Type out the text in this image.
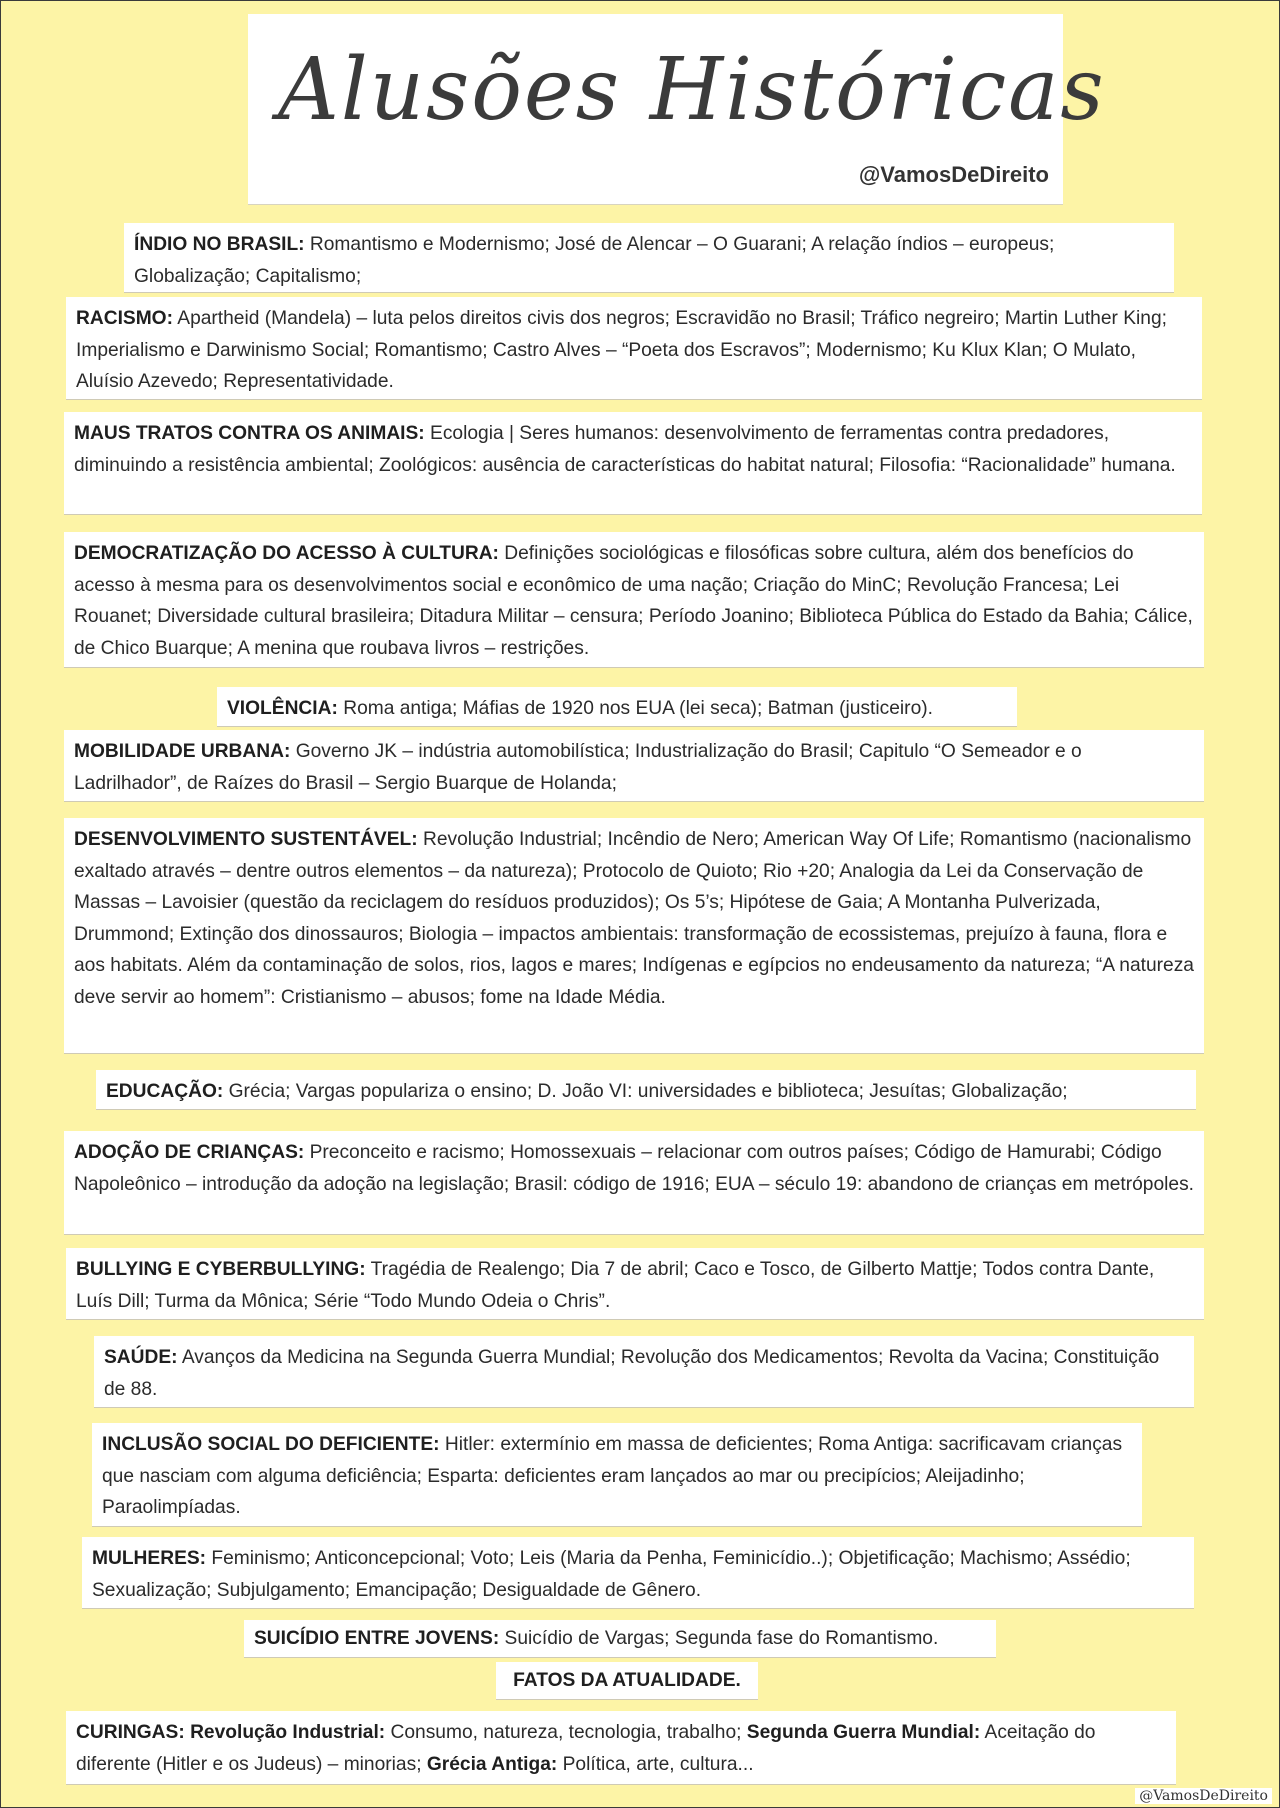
Alusões Históricas
@VamosDeDireito
ÍNDIO NO BRASIL: Romantismo e Modernismo; José de Alencar – O Guarani; A relação índios – europeus; Globalização; Capitalismo;
RACISMO: Apartheid (Mandela) – luta pelos direitos civis dos negros; Escravidão no Brasil; Tráfico negreiro; Martin Luther King; Imperialismo e Darwinismo Social; Romantismo; Castro Alves – “Poeta dos Escravos”; Modernismo; Ku Klux Klan; O Mulato, Aluísio Azevedo; Representatividade.
MAUS TRATOS CONTRA OS ANIMAIS: Ecologia | Seres humanos: desenvolvimento de ferramentas contra predadores, diminuindo a resistência ambiental; Zoológicos: ausência de características do habitat natural; Filosofia: “Racionalidade” humana.
DEMOCRATIZAÇÃO DO ACESSO À CULTURA: Definições sociológicas e filosóficas sobre cultura, além dos benefícios do acesso à mesma para os desenvolvimentos social e econômico de uma nação; Criação do MinC; Revolução Francesa; Lei Rouanet; Diversidade cultural brasileira; Ditadura Militar – censura; Período Joanino; Biblioteca Pública do Estado da Bahia; Cálice, de Chico Buarque; A menina que roubava livros – restrições.
VIOLÊNCIA: Roma antiga; Máfias de 1920 nos EUA (lei seca); Batman (justiceiro).
MOBILIDADE URBANA: Governo JK – indústria automobilística; Industrialização do Brasil; Capitulo “O Semeador e o Ladrilhador”, de Raízes do Brasil – Sergio Buarque de Holanda;
DESENVOLVIMENTO SUSTENTÁVEL: Revolução Industrial; Incêndio de Nero; American Way Of Life; Romantismo (nacionalismo exaltado através – dentre outros elementos – da natureza); Protocolo de Quioto; Rio +20; Analogia da Lei da Conservação de Massas – Lavoisier (questão da reciclagem do resíduos produzidos); Os 5’s; Hipótese de Gaia; A Montanha Pulverizada, Drummond; Extinção dos dinossauros; Biologia – impactos ambientais: transformação de ecossistemas, prejuízo à fauna, flora e aos habitats. Além da contaminação de solos, rios, lagos e mares; Indígenas e egípcios no endeusamento da natureza; “A natureza deve servir ao homem”: Cristianismo – abusos; fome na Idade Média.
EDUCAÇÃO: Grécia; Vargas populariza o ensino; D. João VI: universidades e biblioteca; Jesuítas; Globalização;
ADOÇÃO DE CRIANÇAS: Preconceito e racismo; Homossexuais – relacionar com outros países; Código de Hamurabi; Código Napoleônico – introdução da adoção na legislação; Brasil: código de 1916; EUA – século 19: abandono de crianças em metrópoles.
BULLYING E CYBERBULLYING: Tragédia de Realengo; Dia 7 de abril; Caco e Tosco, de Gilberto Mattje; Todos contra Dante, Luís Dill; Turma da Mônica; Série “Todo Mundo Odeia o Chris”.
SAÚDE: Avanços da Medicina na Segunda Guerra Mundial; Revolução dos Medicamentos; Revolta da Vacina; Constituição de 88.
INCLUSÃO SOCIAL DO DEFICIENTE: Hitler: extermínio em massa de deficientes; Roma Antiga: sacrificavam crianças que nasciam com alguma deficiência; Esparta: deficientes eram lançados ao mar ou precipícios; Aleijadinho; Paraolimpíadas.
MULHERES: Feminismo; Anticoncepcional; Voto; Leis (Maria da Penha, Feminicídio..); Objetificação; Machismo; Assédio; Sexualização; Subjulgamento; Emancipação; Desigualdade de Gênero.
SUICÍDIO ENTRE JOVENS: Suicídio de Vargas; Segunda fase do Romantismo.
FATOS DA ATUALIDADE.
CURINGAS: Revolução Industrial: Consumo, natureza, tecnologia, trabalho; Segunda Guerra Mundial: Aceitação do diferente (Hitler e os Judeus) – minorias; Grécia Antiga: Política, arte, cultura...
@VamosDeDireito
